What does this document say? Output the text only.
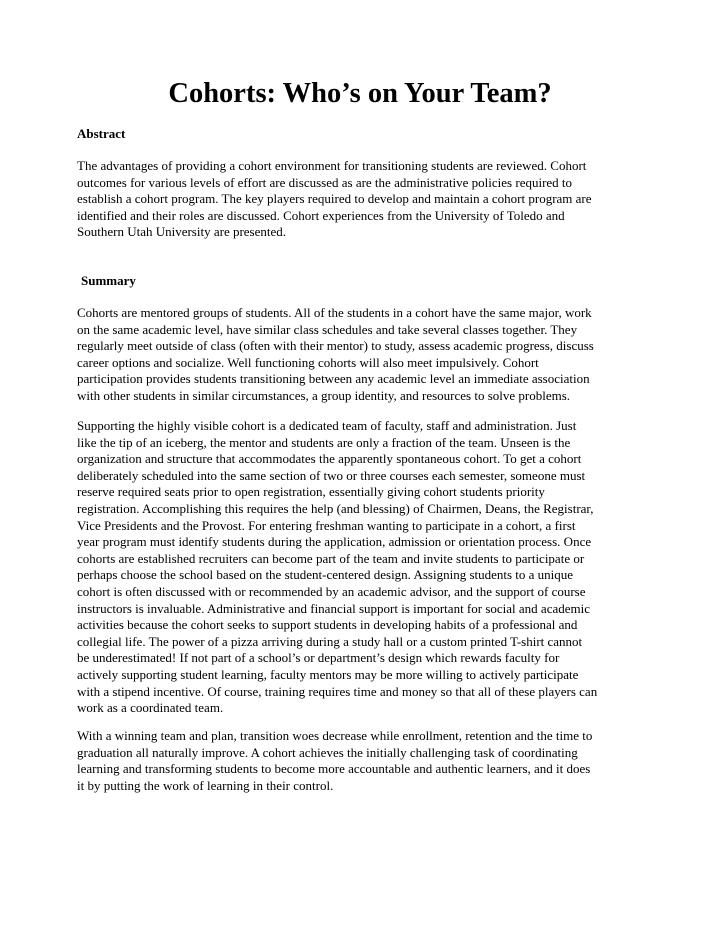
Cohorts: Who’s on Your Team?
Abstract
The advantages of providing a cohort environment for transitioning students are reviewed. Cohort
outcomes for various levels of effort are discussed as are the administrative policies required to
establish a cohort program. The key players required to develop and maintain a cohort program are
identified and their roles are discussed. Cohort experiences from the University of Toledo and
Southern Utah University are presented.
Summary
Cohorts are mentored groups of students. All of the students in a cohort have the same major, work
on the same academic level, have similar class schedules and take several classes together. They
regularly meet outside of class (often with their mentor) to study, assess academic progress, discuss
career options and socialize. Well functioning cohorts will also meet impulsively. Cohort
participation provides students transitioning between any academic level an immediate association
with other students in similar circumstances, a group identity, and resources to solve problems.
Supporting the highly visible cohort is a dedicated team of faculty, staff and administration. Just
like the tip of an iceberg, the mentor and students are only a fraction of the team. Unseen is the
organization and structure that accommodates the apparently spontaneous cohort. To get a cohort
deliberately scheduled into the same section of two or three courses each semester, someone must
reserve required seats prior to open registration, essentially giving cohort students priority
registration. Accomplishing this requires the help (and blessing) of Chairmen, Deans, the Registrar,
Vice Presidents and the Provost. For entering freshman wanting to participate in a cohort, a first
year program must identify students during the application, admission or orientation process. Once
cohorts are established recruiters can become part of the team and invite students to participate or
perhaps choose the school based on the student-centered design. Assigning students to a unique
cohort is often discussed with or recommended by an academic advisor, and the support of course
instructors is invaluable. Administrative and financial support is important for social and academic
activities because the cohort seeks to support students in developing habits of a professional and
collegial life. The power of a pizza arriving during a study hall or a custom printed T-shirt cannot
be underestimated! If not part of a school’s or department’s design which rewards faculty for
actively supporting student learning, faculty mentors may be more willing to actively participate
with a stipend incentive. Of course, training requires time and money so that all of these players can
work as a coordinated team.
With a winning team and plan, transition woes decrease while enrollment, retention and the time to
graduation all naturally improve. A cohort achieves the initially challenging task of coordinating
learning and transforming students to become more accountable and authentic learners, and it does
it by putting the work of learning in their control.
